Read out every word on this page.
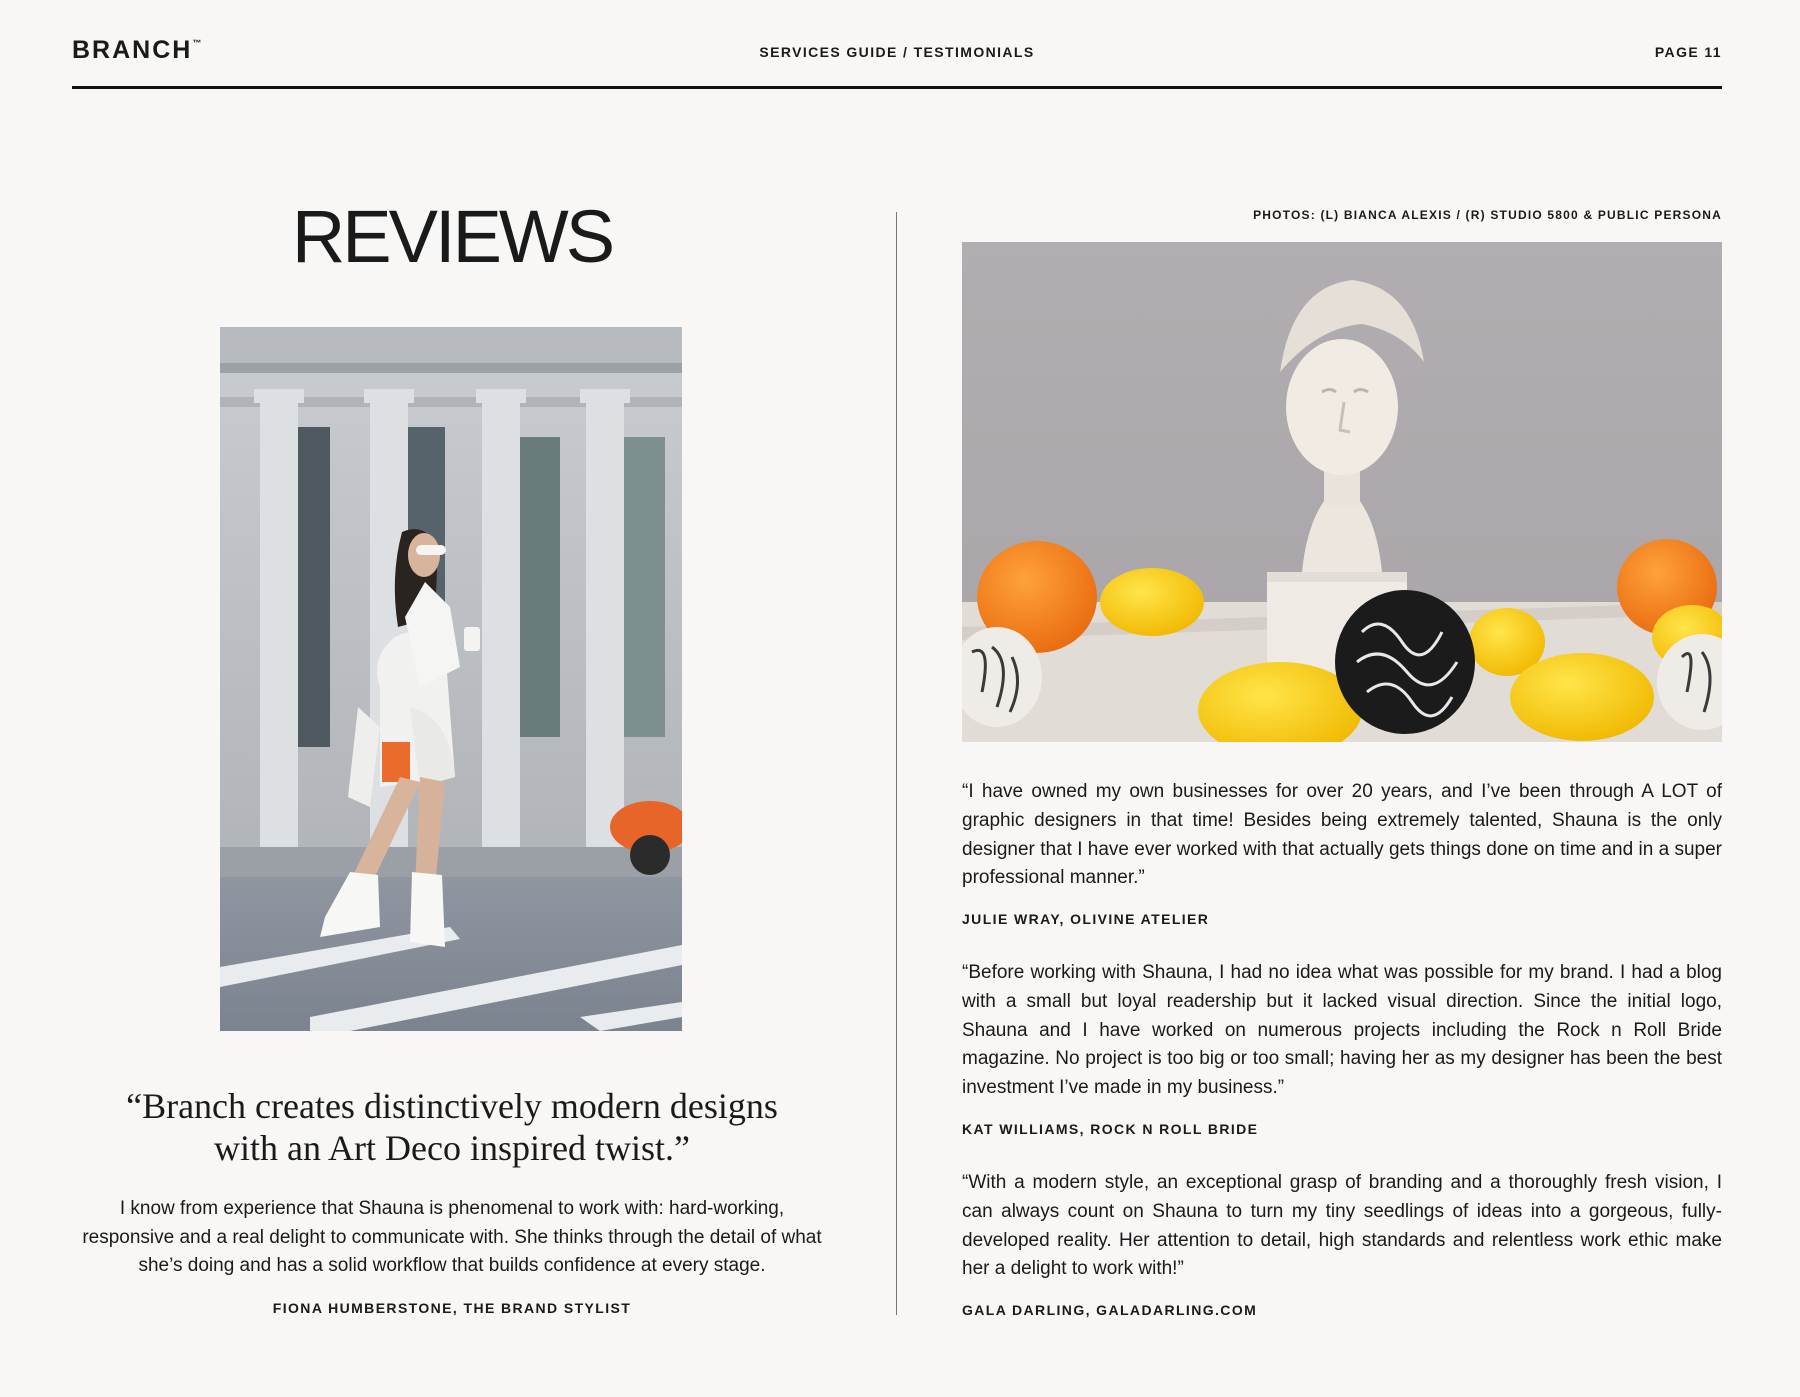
BRANCH™
SERVICES GUIDE / TESTIMONIALS	PAGE 11
REVIEWS

“Branch creates distinctively modern designs
with an Art Deco inspired twist.”

I know from experience that Shauna is phenomenal to work with: hard-working, responsive and a real delight to communicate with. She thinks through the detail of what she’s doing and has a solid workflow that builds confidence at every stage.

FIONA HUMBERSTONE, THE BRAND STYLIST
PHOTOS: (L) BIANCA ALEXIS / (R) STUDIO 5800 & PUBLIC PERSONA

“I have owned my own businesses for over 20 years, and I’ve been through A LOT of graphic designers in that time! Besides being extremely talented, Shauna is the only designer that I have ever worked with that actually gets things done on time and in a super professional manner.”

JULIE WRAY, OLIVINE ATELIER

“Before working with Shauna, I had no idea what was possible for my brand. I had a blog with a small but loyal readership but it lacked visual direction. Since the initial logo, Shauna and I have worked on numerous projects including the Rock n Roll Bride magazine. No project is too big or too small; having her as my designer has been the best investment I’ve made in my business.”

KAT WILLIAMS, ROCK N ROLL BRIDE

“With a modern style, an exceptional grasp of branding and a thoroughly fresh vision, I can always count on Shauna to turn my tiny seedlings of ideas into a gorgeous, fully-developed reality. Her attention to detail, high standards and relentless work ethic make her a delight to work with!”

GALA DARLING, GALADARLING.COM
